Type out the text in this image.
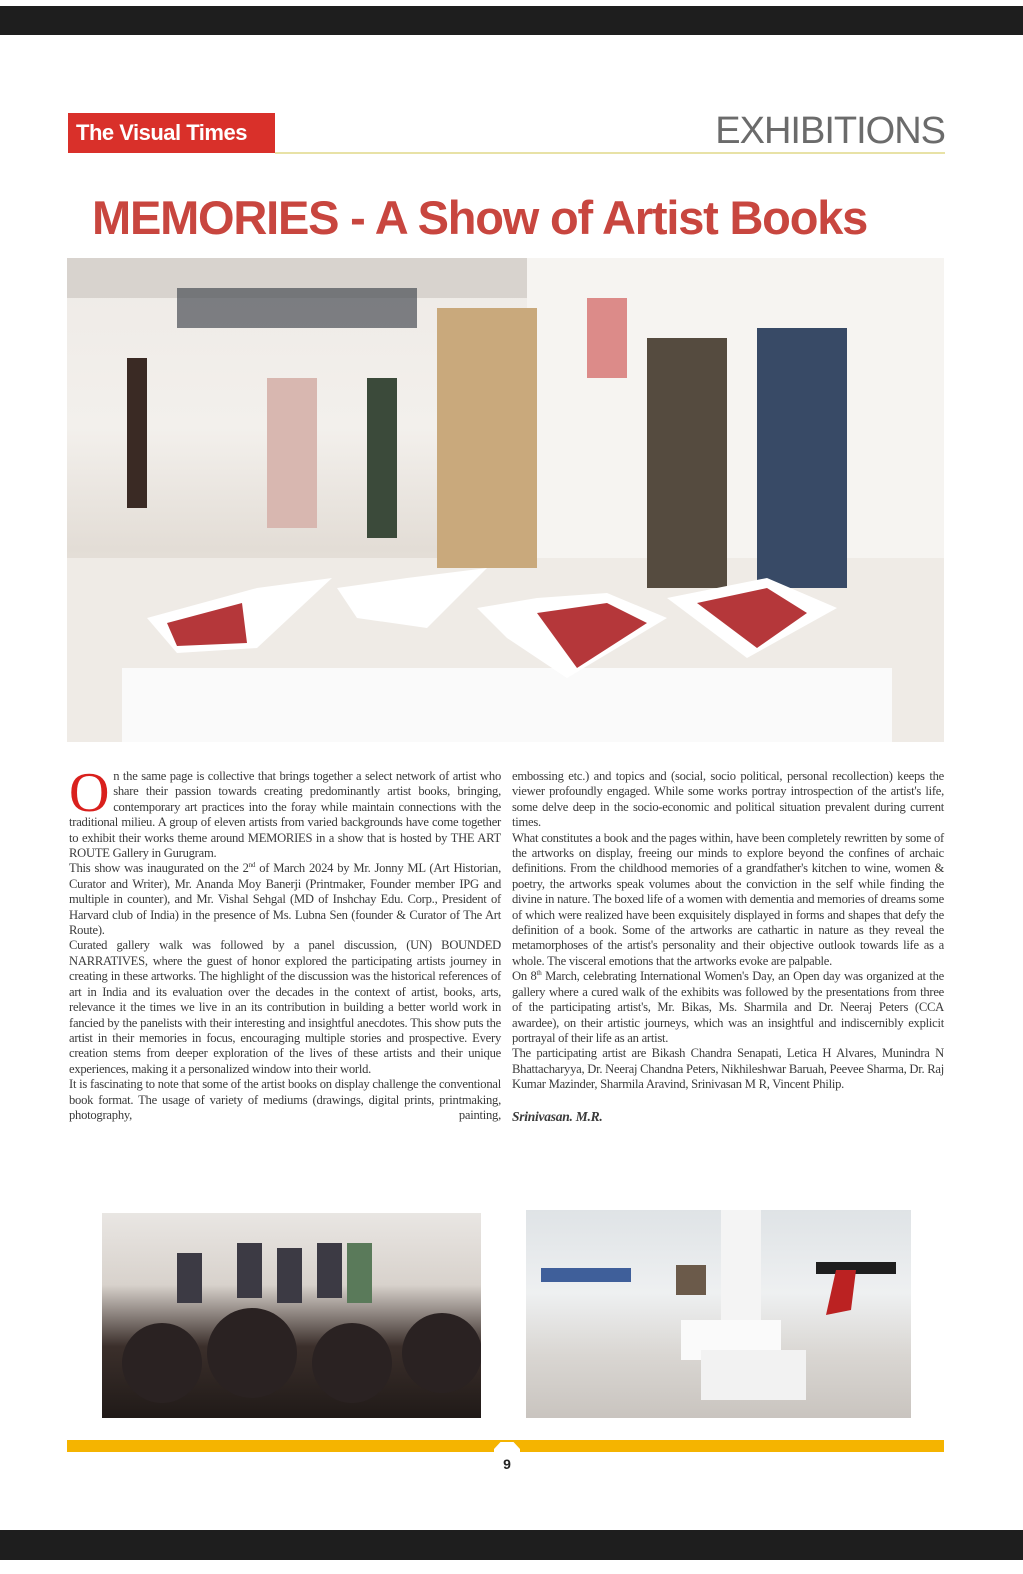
The Visual Times	EXHIBITIONS
MEMORIES - A Show of Artist Books

On the same page is collective that brings together a select network of artist who share their passion towards creating predominantly artist books, bringing, contemporary art practices into the foray while maintain connections with the traditional milieu. A group of eleven artists from varied backgrounds have come together to exhibit their works theme around MEMORIES in a show that is hosted by THE ART ROUTE Gallery in Gurugram.

This show was inaugurated on the 2nd of March 2024 by Mr. Jonny ML (Art Historian, Curator and Writer), Mr. Ananda Moy Banerji (Printmaker, Founder member IPG and multiple in counter), and Mr. Vishal Sehgal (MD of Inshchay Edu. Corp., President of Harvard club of India) in the presence of Ms. Lubna Sen (founder & Curator of The Art Route).

Curated gallery walk was followed by a panel discussion, (UN) BOUNDED NARRATIVES, where the guest of honor explored the participating artists journey in creating in these artworks. The highlight of the discussion was the historical references of art in India and its evaluation over the decades in the context of artist, books, arts, relevance it the times we live in an its contribution in building a better world work in fancied by the panelists with their interesting and insightful anecdotes. This show puts the artist in their memories in focus, encouraging multiple stories and prospective. Every creation stems from deeper exploration of the lives of these artists and their unique experiences, making it a personalized window into their world.

It is fascinating to note that some of the artist books on display challenge the conventional book format. The usage of variety of mediums (drawings, digital prints, printmaking, photography, painting,

embossing etc.) and topics and (social, socio political, personal recollection) keeps the viewer profoundly engaged. While some works portray introspection of the artist's life, some delve deep in the socio-economic and political situation prevalent during current times.

What constitutes a book and the pages within, have been completely rewritten by some of the artworks on display, freeing our minds to explore beyond the confines of archaic definitions. From the childhood memories of a grandfather's kitchen to wine, women & poetry, the artworks speak volumes about the conviction in the self while finding the divine in nature. The boxed life of a women with dementia and memories of dreams some of which were realized have been exquisitely displayed in forms and shapes that defy the definition of a book. Some of the artworks are cathartic in nature as they reveal the metamorphoses of the artist's personality and their objective outlook towards life as a whole. The visceral emotions that the artworks evoke are palpable.

On 8th March, celebrating International Women's Day, an Open day was organized at the gallery where a cured walk of the exhibits was followed by the presentations from three of the participating artist's, Mr. Bikas, Ms. Sharmila and Dr. Neeraj Peters (CCA awardee), on their artistic journeys, which was an insightful and indiscernibly explicit portrayal of their life as an artist.

The participating artist are Bikash Chandra Senapati, Letica H Alvares, Munindra N Bhattacharyya, Dr. Neeraj Chandna Peters, Nikhileshwar Baruah, Peevee Sharma, Dr. Raj Kumar Mazinder, Sharmila Aravind, Srinivasan M R, Vincent Philip.

Srinivasan. M.R.

9
